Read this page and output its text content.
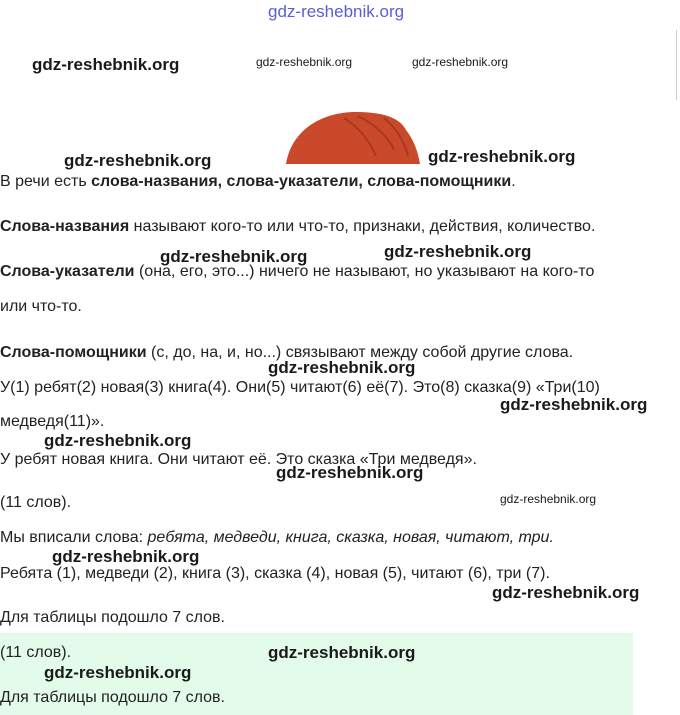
gdz-reshebnik.org
gdz-reshebnik.org	gdz-reshebnik.org	gdz-reshebnik.org
gdz-reshebnik.org	gdz-reshebnik.org
gdz-reshebnik.org	gdz-reshebnik.org
gdz-reshebnik.org
gdz-reshebnik.org
gdz-reshebnik.org
gdz-reshebnik.org
gdz-reshebnik.org
gdz-reshebnik.org
gdz-reshebnik.org
gdz-reshebnik.org
gdz-reshebnik.org
В речи есть слова-названия, слова-указатели, слова-помощники.
Слова-названия называют кого-то или что-то, признаки, действия, количество.
Слова-указатели (она, его, это...) ничего не называют, но указывают на кого-то
или что-то.
Слова-помощники (с, до, на, и, но...) связывают между собой другие слова.
У(1) ребят(2) новая(3) книга(4). Они(5) читают(6) её(7). Это(8) сказка(9) «Три(10)
медведя(11)».
У ребят новая книга. Они читают её. Это сказка «Три медведя».
(11 слов).
Мы вписали слова: ребята, медведи, книга, сказка, новая, читают, три.
Ребята (1), медведи (2), книга (3), сказка (4), новая (5), читают (6), три (7).
Для таблицы подошло 7 слов.
(11 слов).
Для таблицы подошло 7 слов.
